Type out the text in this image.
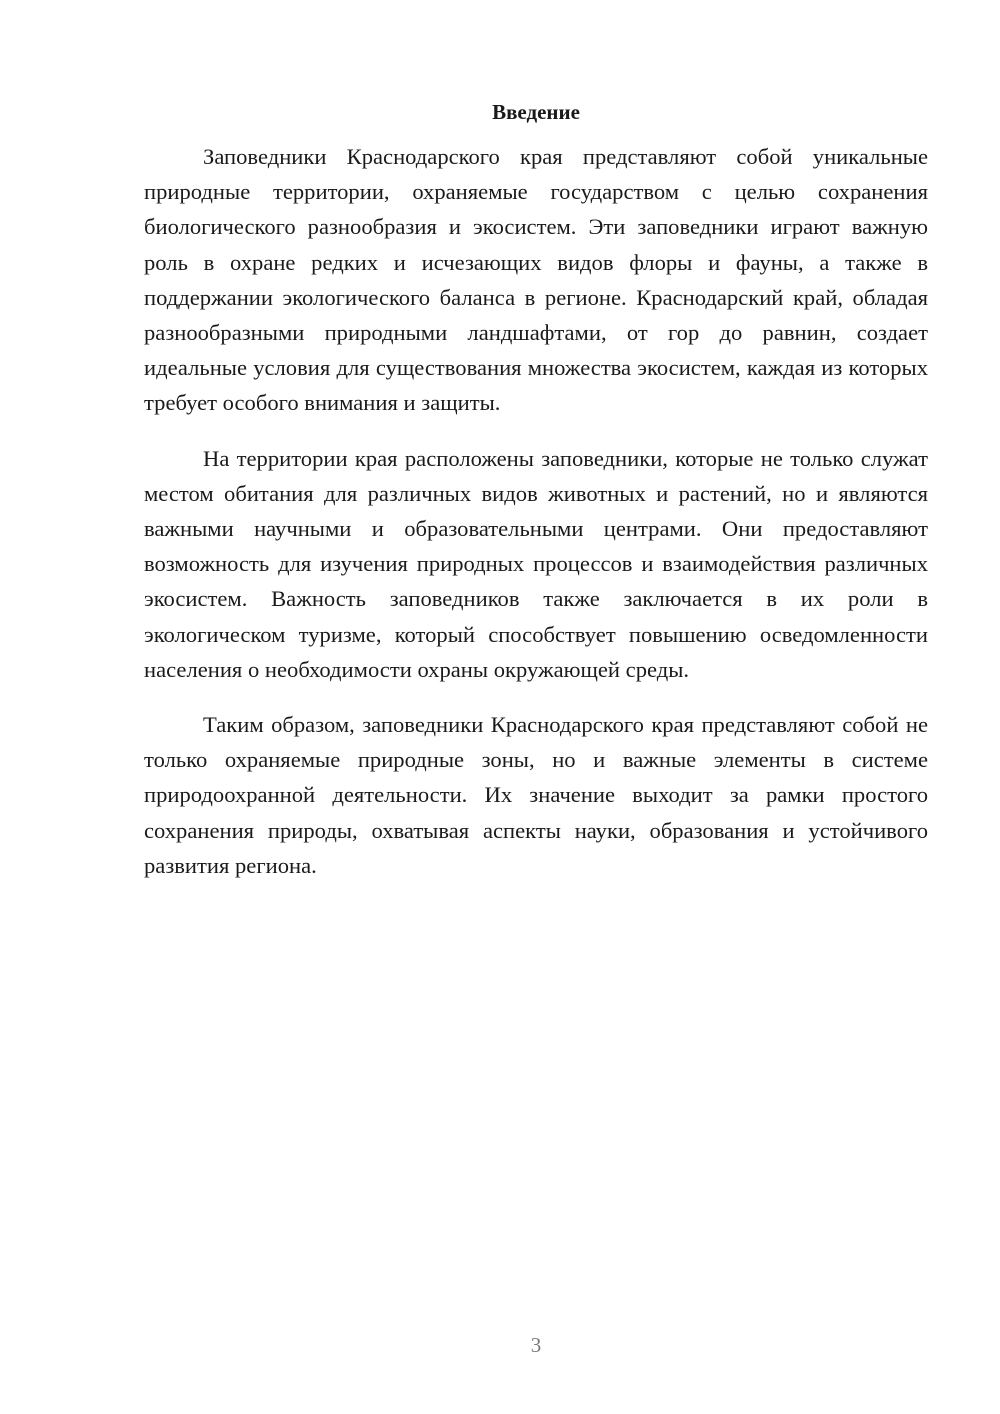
Введение

Заповедники Краснодарского края представляют собой уникальные природные территории, охраняемые государством с целью сохранения биологического разнообразия и экосистем. Эти заповедники играют важную роль в охране редких и исчезающих видов флоры и фауны, а также в поддержании экологического баланса в регионе. Краснодарский край, обладая разнообразными природными ландшафтами, от гор до равнин, создает идеальные условия для существования множества экосистем, каждая из которых требует особого внимания и защиты.

На территории края расположены заповедники, которые не только служат местом обитания для различных видов животных и растений, но и являются важными научными и образовательными центрами. Они предоставляют возможность для изучения природных процессов и взаимодействия различных экосистем. Важность заповедников также заключается в их роли в экологическом туризме, который способствует повышению осведомленности населения о необходимости охраны окружающей среды.

Таким образом, заповедники Краснодарского края представляют собой не только охраняемые природные зоны, но и важные элементы в системе природоохранной деятельности. Их значение выходит за рамки простого сохранения природы, охватывая аспекты науки, образования и устойчивого развития региона.

3
